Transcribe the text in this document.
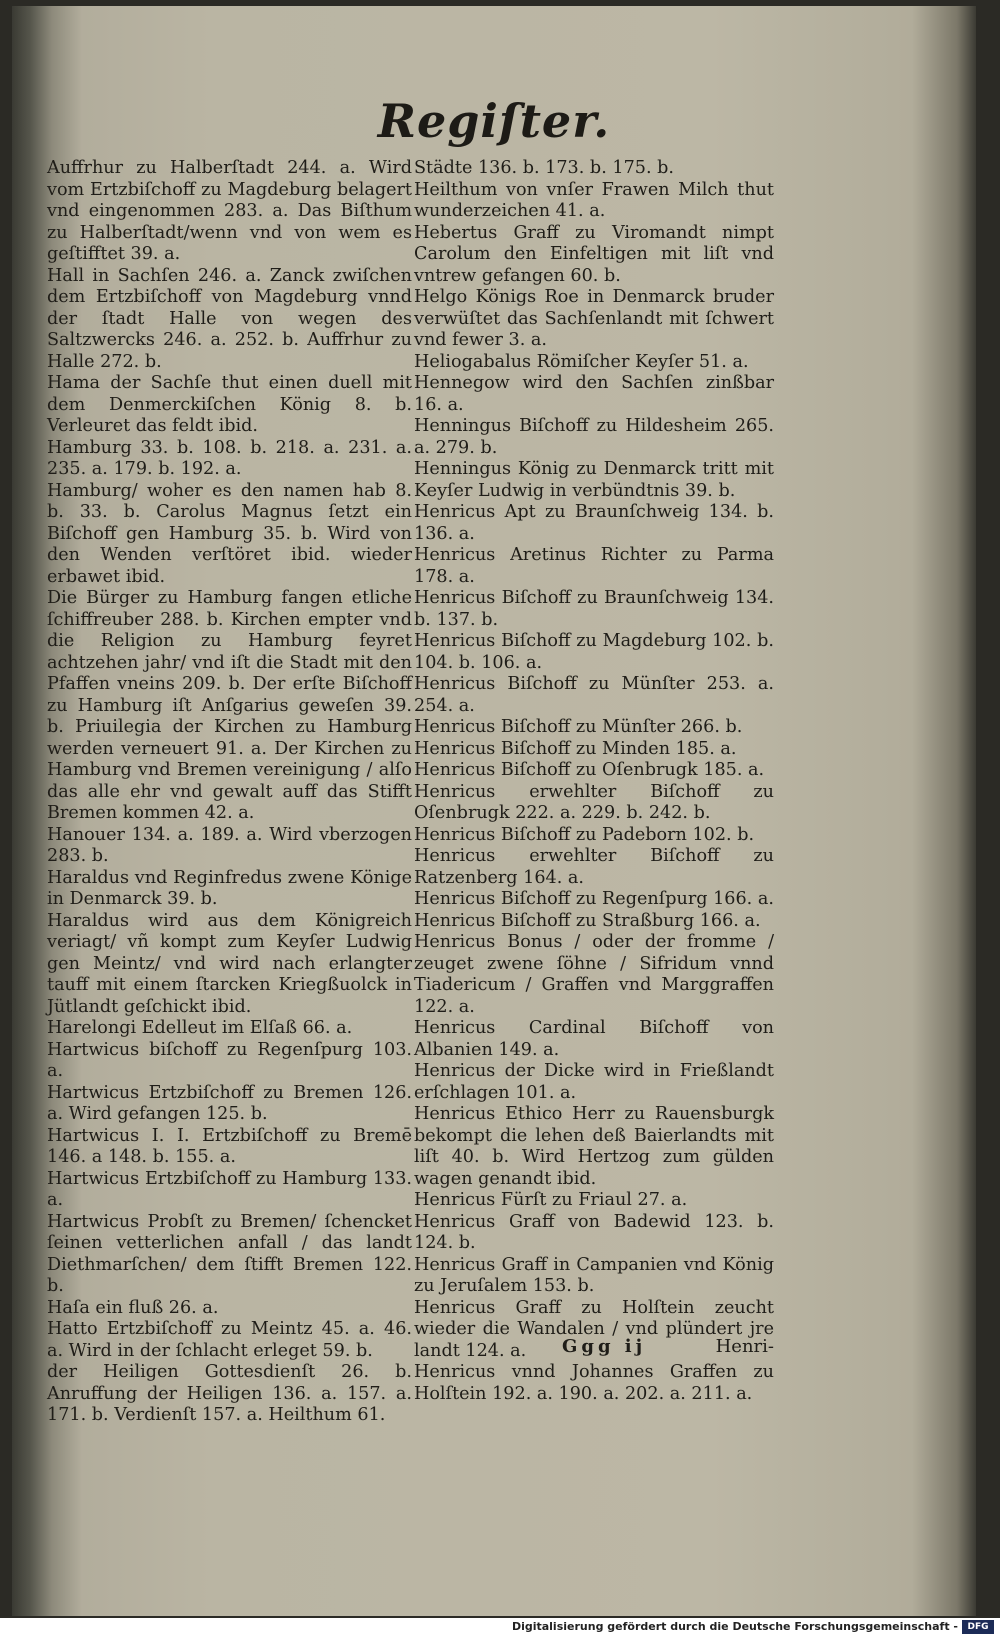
Regiſter.
Auffrhur zu Halberſtadt 244. a. Wird vom Ertzbiſchoff zu Magdeburg belagert vnd eingenommen 283. a. Das Biſthum zu Halberſtadt/wenn vnd von wem es geſtifftet 39. a.
Hall in Sachſen 246. a. Zanck zwiſchen dem Ertzbiſchoff von Magdeburg vnnd der ſtadt Halle von wegen des Saltzwercks 246. a. 252. b. Auffrhur zu Halle 272. b.
Hama der Sachſe thut einen duell mit dem Denmerckiſchen König 8. b. Verleuret das feldt ibid.
Hamburg 33. b. 108. b. 218. a. 231. a. 235. a. 179. b. 192. a.
Hamburg/ woher es den namen hab 8. b. 33. b. Carolus Magnus ſetzt ein Biſchoff gen Hamburg 35. b. Wird von den Wenden verſtöret ibid. wieder erbawet ibid.
Die Bürger zu Hamburg fangen etliche ſchiffreuber 288. b. Kirchen empter vnd die Religion zu Hamburg feyret achtzehen jahr/ vnd iſt die Stadt mit den Pfaffen vneins 209. b. Der erſte Biſchoff zu Hamburg iſt Anſgarius geweſen 39. b. Priuilegia der Kirchen zu Hamburg werden verneuert 91. a. Der Kirchen zu Hamburg vnd Bremen vereinigung / alſo das alle ehr vnd gewalt auff das Stifft Bremen kommen 42. a.
Hanouer 134. a. 189. a. Wird vberzogen 283. b.
Haraldus vnd Reginfredus zwene Könige in Denmarck 39. b.
Haraldus wird aus dem Königreich veriagt/ vñ kompt zum Keyſer Ludwig gen Meintz/ vnd wird nach erlangter tauff mit einem ſtarcken Kriegßuolck in Jütlandt geſchickt ibid.
Harelongi Edelleut im Elſaß 66. a.
Hartwicus biſchoff zu Regenſpurg 103. a.
Hartwicus Ertzbiſchoff zu Bremen 126. a. Wird gefangen 125. b.
Hartwicus I. I. Ertzbiſchoff zu Bremē 146. a 148. b. 155. a.
Hartwicus Ertzbiſchoff zu Hamburg 133. a.
Hartwicus Probſt zu Bremen/ ſchencket ſeinen vetterlichen anfall / das landt Diethmarſchen/ dem ſtifft Bremen 122. b.
Haſa ein fluß 26. a.
Hatto Ertzbiſchoff zu Meintz 45. a. 46. a. Wird in der ſchlacht erleget 59. b.
der Heiligen Gottesdienſt 26. b. Anruffung der Heiligen 136. a. 157. a. 171. b. Verdienſt 157. a. Heilthum 61.
Städte 136. b. 173. b. 175. b.
Heilthum von vnſer Frawen Milch thut wunderzeichen 41. a.
Hebertus Graff zu Viromandt nimpt Carolum den Einfeltigen mit liſt vnd vntrew gefangen 60. b.
Helgo Königs Roe in Denmarck bruder verwüſtet das Sachſenlandt mit ſchwert vnd fewer 3. a.
Heliogabalus Römiſcher Keyſer 51. a.
Hennegow wird den Sachſen zinßbar 16. a.
Henningus Biſchoff zu Hildesheim 265. a. 279. b.
Henningus König zu Denmarck tritt mit Keyſer Ludwig in verbündtnis 39. b.
Henricus Apt zu Braunſchweig 134. b. 136. a.
Henricus Aretinus Richter zu Parma 178. a.
Henricus Biſchoff zu Braunſchweig 134. b. 137. b.
Henricus Biſchoff zu Magdeburg 102. b. 104. b. 106. a.
Henricus Biſchoff zu Münſter 253. a. 254. a.
Henricus Biſchoff zu Münſter 266. b.
Henricus Biſchoff zu Minden 185. a.
Henricus Biſchoff zu Oſenbrugk 185. a.
Henricus erwehlter Biſchoff zu Oſenbrugk 222. a. 229. b. 242. b.
Henricus Biſchoff zu Padeborn 102. b.
Henricus erwehlter Biſchoff zu Ratzenberg 164. a.
Henricus Biſchoff zu Regenſpurg 166. a.
Henricus Biſchoff zu Straßburg 166. a.
Henricus Bonus / oder der fromme / zeuget zwene ſöhne / Sifridum vnnd Tiadericum / Graffen vnd Marggraffen 122. a.
Henricus Cardinal Biſchoff von Albanien 149. a.
Henricus der Dicke wird in Frießlandt erſchlagen 101. a.
Henricus Ethico Herr zu Rauensburgk bekompt die lehen deß Baierlandts mit liſt 40. b. Wird Hertzog zum gülden wagen genandt ibid.
Henricus Fürſt zu Friaul 27. a.
Henricus Graff von Badewid 123. b. 124. b.
Henricus Graff in Campanien vnd König zu Jeruſalem 153. b.
Henricus Graff zu Holſtein zeucht wieder die Wandalen / vnd plündert jre landt 124. a.
Henricus vnnd Johannes Graffen zu Holſtein 192. a. 190. a. 202. a. 211. a.
Ggg ij	Henri-
Digitalisierung gefördert durch die Deutsche Forschungsgemeinschaft -	DFG
